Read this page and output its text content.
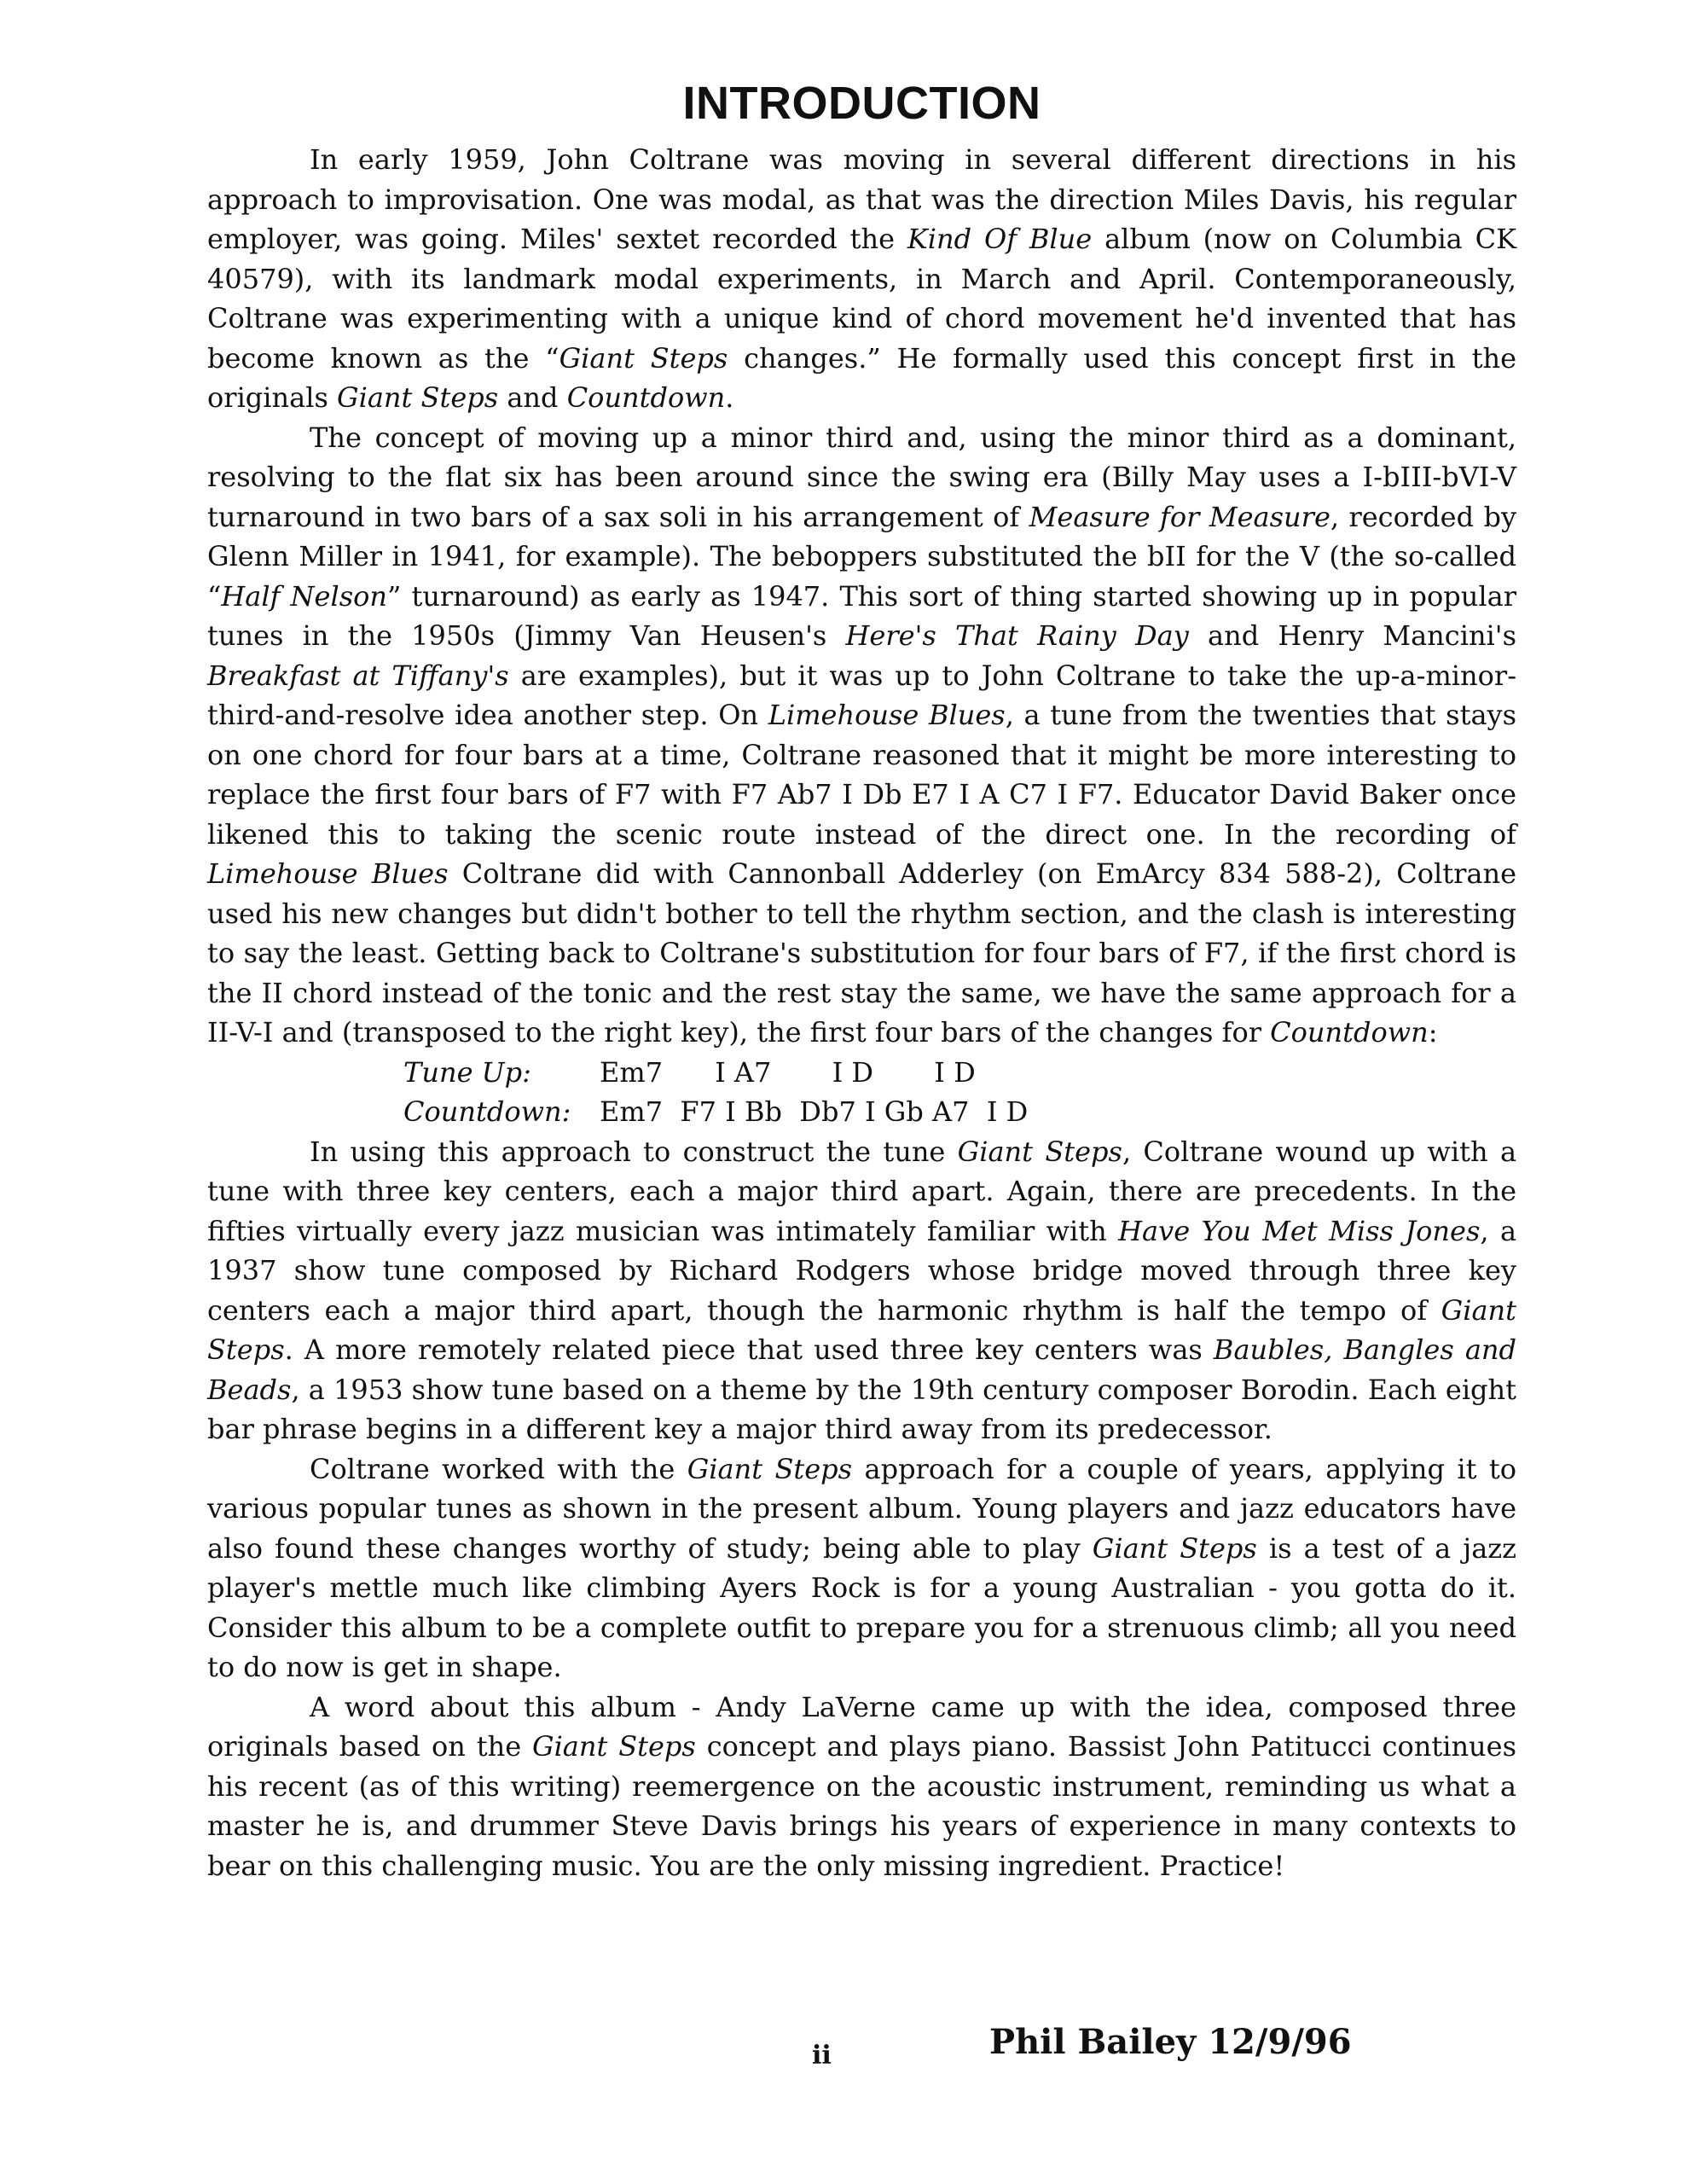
INTRODUCTION

In early 1959, John Coltrane was moving in several different directions in his approach to improvisation. One was modal, as that was the direction Miles Davis, his regular employer, was going. Miles' sextet recorded the Kind Of Blue album (now on Columbia CK 40579), with its landmark modal experiments, in March and April. Contemporaneously, Coltrane was experimenting with a unique kind of chord movement he'd invented that has become known as the “Giant Steps changes.” He formally used this concept first in the originals Giant Steps and Countdown.

The concept of moving up a minor third and, using the minor third as a dominant, resolving to the flat six has been around since the swing era (Billy May uses a I-bIII-bVI-V turnaround in two bars of a sax soli in his arrangement of Measure for Measure, recorded by Glenn Miller in 1941, for example). The beboppers substituted the bII for the V (the so-called “Half Nelson” turnaround) as early as 1947. This sort of thing started showing up in popular tunes in the 1950s (Jimmy Van Heusen's Here's That Rainy Day and Henry Mancini's Breakfast at Tiffany's are examples), but it was up to John Coltrane to take the up-a-minor-third-and-resolve idea another step. On Limehouse Blues, a tune from the twenties that stays on one chord for four bars at a time, Coltrane reasoned that it might be more interesting to replace the first four bars of F7 with F7 Ab7 I Db E7 I A C7 I F7. Educator David Baker once likened this to taking the scenic route instead of the direct one. In the recording of Limehouse Blues Coltrane did with Cannonball Adderley (on EmArcy 834 588-2), Coltrane used his new changes but didn't bother to tell the rhythm section, and the clash is interesting to say the least. Getting back to Coltrane's substitution for four bars of F7, if the first chord is the II chord instead of the tonic and the rest stay the same, we have the same approach for a II-V-I and (transposed to the right key), the first four bars of the changes for Countdown:

Tune Up:	Em7      I A7       I D       I D
Countdown:	Em7  F7 I Bb  Db7 I Gb A7  I D

In using this approach to construct the tune Giant Steps, Coltrane wound up with a tune with three key centers, each a major third apart. Again, there are precedents. In the fifties virtually every jazz musician was intimately familiar with Have You Met Miss Jones, a 1937 show tune composed by Richard Rodgers whose bridge moved through three key centers each a major third apart, though the harmonic rhythm is half the tempo of Giant Steps. A more remotely related piece that used three key centers was Baubles, Bangles and Beads, a 1953 show tune based on a theme by the 19th century composer Borodin. Each eight bar phrase begins in a different key a major third away from its predecessor.

Coltrane worked with the Giant Steps approach for a couple of years, applying it to various popular tunes as shown in the present album. Young players and jazz educators have also found these changes worthy of study; being able to play Giant Steps is a test of a jazz player's mettle much like climbing Ayers Rock is for a young Australian - you gotta do it. Consider this album to be a complete outfit to prepare you for a strenuous climb; all you need to do now is get in shape.

A word about this album - Andy LaVerne came up with the idea, composed three originals based on the Giant Steps concept and plays piano. Bassist John Patitucci continues his recent (as of this writing) reemergence on the acoustic instrument, reminding us what a master he is, and drummer Steve Davis brings his years of experience in many contexts to bear on this challenging music. You are the only missing ingredient. Practice!

ii	Phil Bailey 12/9/96
